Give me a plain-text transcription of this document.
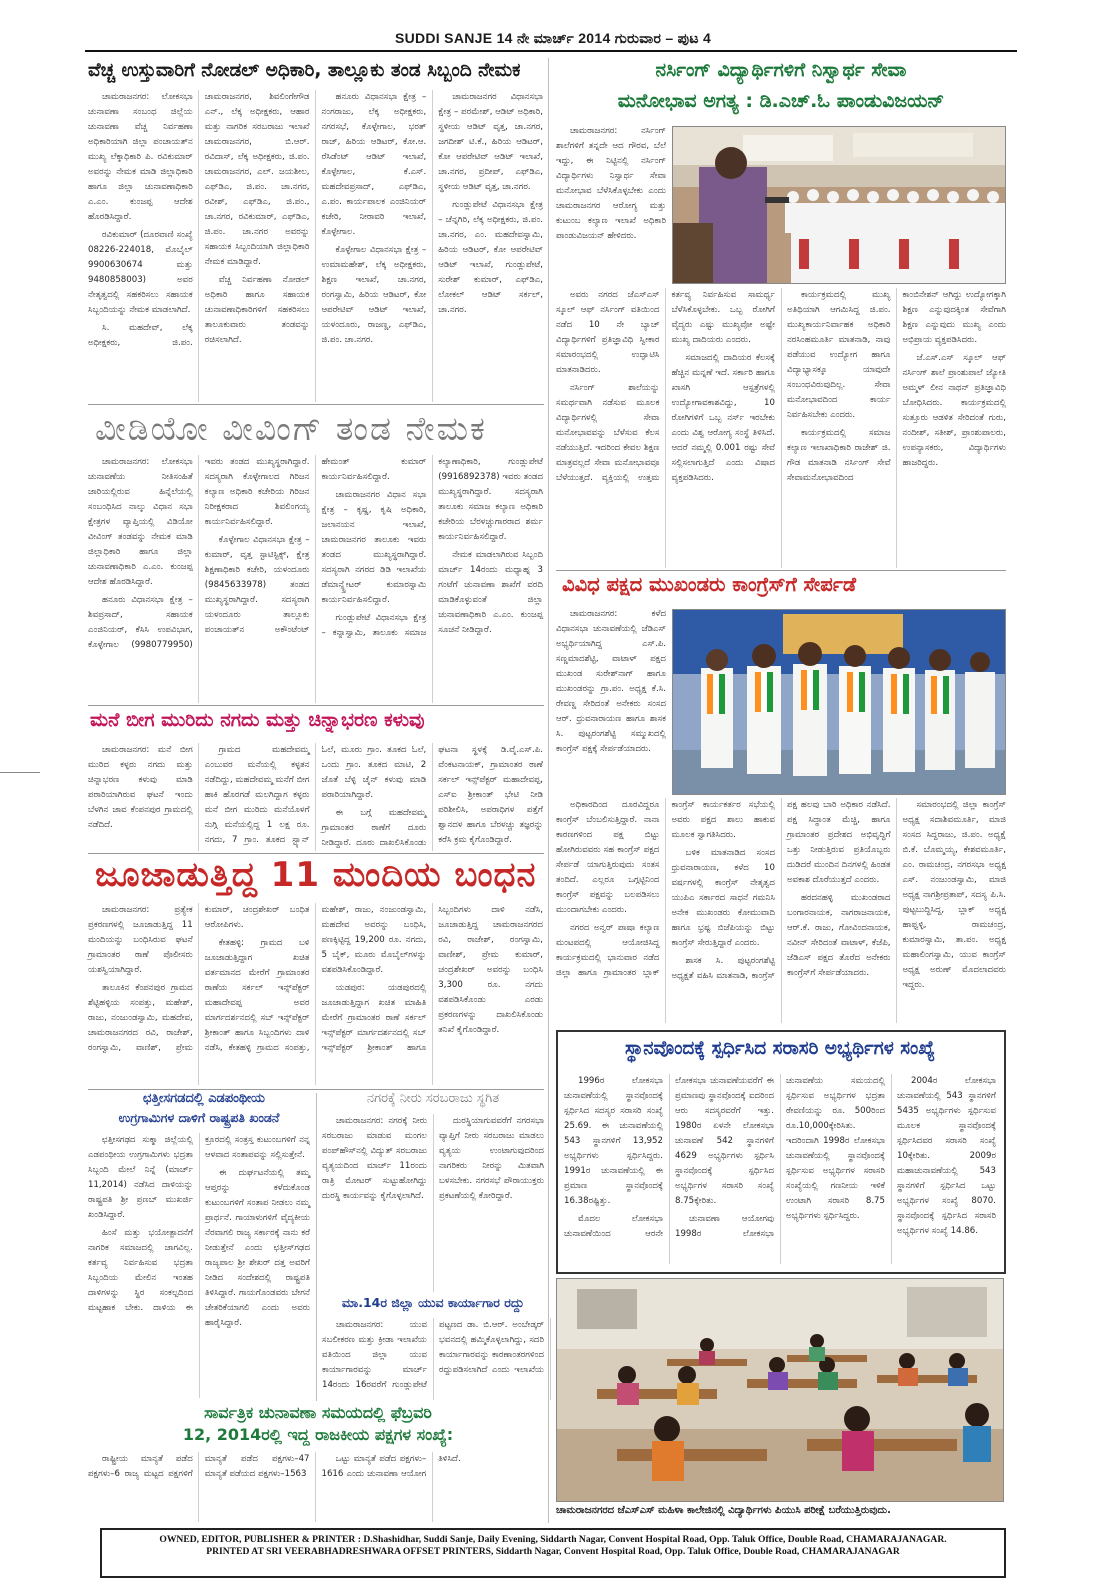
SUDDI SANJE 14 ನೇ ಮಾರ್ಚ್ 2014 ಗುರುವಾರ – ಪುಟ 4
ವೆಚ್ಚ ಉಸ್ತುವಾರಿಗೆ ನೋಡಲ್ ಅಧಿಕಾರಿ, ತಾಲ್ಲೂಕು ತಂಡ ಸಿಬ್ಬಂದಿ ನೇಮಕ

ಚಾಮರಾಜನಗರ: ಲೋಕಸಭಾ ಚುನಾವಣಾ ಸಂಬಂಧ ಜಿಲ್ಲೆಯ ಚುನಾವಣಾ ವೆಚ್ಚ ನಿರ್ವಹಣಾ ಅಧಿಕಾರಿಯಾಗಿ ಜಿಲ್ಲಾ ಪಂಚಾಯತ್‌ನ ಮುಖ್ಯ ಲೆಕ್ಕಾಧಿಕಾರಿ ಪಿ. ರವಿಕುಮಾರ್ ಅವರನ್ನು ನೇಮಕ ಮಾಡಿ ಜಿಲ್ಲಾಧಿಕಾರಿ ಹಾಗೂ ಜಿಲ್ಲಾ ಚುನಾವಣಾಧಿಕಾರಿ ಎ.ಎಂ. ಕುಂಜಪ್ಪ ಆದೇಶ ಹೊರಡಿಸಿದ್ದಾರೆ.

ರವಿಕುಮಾರ್ (ದೂರವಾಣಿ ಸಂಖ್ಯೆ 08226-224018, ಮೊಬೈಲ್ 9900630674 ಮತ್ತು 9480858003) ಅವರ ನೇತೃತ್ವದಲ್ಲಿ ಸಹಕರಿಸಲು ಸಹಾಯಕ ಸಿಬ್ಬಂದಿಯನ್ನು ನೇಮಕ ಮಾಡಲಾಗಿದೆ.

ಸಿ. ಮಹದೇವ್, ಲೆಕ್ಕ ಅಧೀಕ್ಷಕರು, ಜಿ.ಪಂ. ಚಾಮರಾಜನಗರ, ಶಿವಲಿಂಗೇಗೌಡ ಎನ್., ಲೆಕ್ಕ ಅಧೀಕ್ಷಕರು, ಆಹಾರ ಮತ್ತು ನಾಗರಿಕ ಸರಬರಾಜು ಇಲಾಖೆ ಚಾಮರಾಜನಗರ, ಬಿ.ಆರ್. ರವಿದಾಸ್, ಲೆಕ್ಕ ಅಧೀಕ್ಷಕರು, ಜಿ.ಪಂ. ಚಾಮರಾಜನಗರ, ಎಲ್. ಜಯಶೀಲ, ಎಫ್‌ಡಿಎ, ಜಿ.ಪಂ. ಚಾ.ನಗರ, ರವೀಶ್, ಎಫ್‌ಡಿಎ, ಜಿ.ಪಂ., ಚಾ.ನಗರ, ರವಿಕುಮಾರ್, ಎಫ್‌ಡಿಎ, ಜಿ.ಪಂ. ಚಾ.ನಗರ ಅವರನ್ನು ಸಹಾಯಕ ಸಿಬ್ಬಂದಿಯಾಗಿ ಜಿಲ್ಲಾಧಿಕಾರಿ ನೇಮಕ ಮಾಡಿದ್ದಾರೆ.

ವೆಚ್ಚ ನಿರ್ವಹಣಾ ನೋಡಲ್ ಅಧಿಕಾರಿ ಹಾಗೂ ಸಹಾಯಕ ಚುನಾವಣಾಧಿಕಾರಿಗಳಿಗೆ ಸಹಕರಿಸಲು ತಾಲೂಕುವಾರು ತಂಡವನ್ನು ರಚಿಸಲಾಗಿದೆ.

ಹನೂರು ವಿಧಾನಸಭಾ ಕ್ಷೇತ್ರ – ನಂಗರಾಜು, ಲೆಕ್ಕ ಅಧೀಕ್ಷಕರು, ನಗರಸಭೆ, ಕೊಳ್ಳೇಗಾಲ, ಭರತ್ ರಾಜ್, ಹಿರಿಯ ಆಡಿಟರ್, ಕೋ.ಆ. ರೆಸಿಡೆಂಟ್ ಆಡಿಟ್ ಇಲಾಖೆ, ಕೊಳ್ಳೇಗಾಲ, ಕೆ.ಎಸ್. ಮಹದೇವಪ್ರಸಾದ್, ಎಫ್‌ಡಿಎ, ಎ.ಪಂ. ಕಾರ್ಯಪಾಲಕ ಎಂಜಿನಿಯರ್ ಕಚೇರಿ, ನೀರಾವರಿ ಇಲಾಖೆ, ಕೊಳ್ಳೇಗಾಲ.

ಕೊಳ್ಳೇಗಾಲ ವಿಧಾನಸಭಾ ಕ್ಷೇತ್ರ – ಉಮಾಮಹೇಶ್, ಲೆಕ್ಕ ಅಧೀಕ್ಷಕರು, ಶಿಕ್ಷಣ ಇಲಾಖೆ, ಚಾ.ನಗರ, ರಂಗಸ್ವಾಮಿ, ಹಿರಿಯ ಆಡಿಟರ್, ಕೋ ಆಪರೇಟಿವ್ ಆಡಿಟ್ ಇಲಾಖೆ, ಯಳಂದೂರು, ರಾಜಣ್ಣ, ಎಫ್‌ಡಿಎ, ಜಿ.ಪಂ. ಚಾ.ನಗರ.

ಚಾಮರಾಜನಗರ ವಿಧಾನಸಭಾ ಕ್ಷೇತ್ರ – ಪರಮೇಶ್, ಆಡಿಟ್ ಅಧಿಕಾರಿ, ಸ್ಥಳೀಯ ಆಡಿಟ್ ವೃತ್ತ, ಚಾ.ನಗರ, ಜಗದೀಶ್ ಟಿ.ಕೆ., ಹಿರಿಯ ಆಡಿಟರ್, ಕೋ ಆಪರೇಟಿವ್ ಆಡಿಟ್ ಇಲಾಖೆ, ಚಾ.ನಗರ, ಪ್ರದೀಪ್, ಎಫ್‌ಡಿಎ, ಸ್ಥಳೀಯ ಆಡಿಟ್ ವೃತ್ತ, ಚಾ.ನಗರ.

ಗುಂಡ್ಲುಪೇಟೆ ವಿಧಾನಸಭಾ ಕ್ಷೇತ್ರ – ಚೆನ್ನಗಿರಿ, ಲೆಕ್ಕ ಅಧೀಕ್ಷಕರು, ಜಿ.ಪಂ. ಚಾ.ನಗರ, ಎಂ. ಮಹದೇವಸ್ವಾಮಿ, ಹಿರಿಯ ಆಡಿಟರ್, ಕೋ ಆಪರೇಟಿವ್ ಆಡಿಟ್ ಇಲಾಖೆ, ಗುಂಡ್ಲುಪೇಟೆ, ಸುರೇಶ್ ಕುಮಾರ್, ಎಫ್‌ಡಿಎ, ಲೋಕಲ್ ಆಡಿಟ್ ಸರ್ಕಲ್, ಚಾ.ನಗರ.

ವೀಡಿಯೋ ವೀವಿಂಗ್ ತಂಡ ನೇಮಕ

ಚಾಮರಾಜನಗರ: ಲೋಕಸಭಾ ಚುನಾವಣೆಯ ನೀತಿಸಂಹಿತೆ ಜಾರಿಯಲ್ಲಿರುವ ಹಿನ್ನೆಲೆಯಲ್ಲಿ ಸಂಬಂಧಿಸಿದ ನಾಲ್ಕು ವಿಧಾನ ಸಭಾ ಕ್ಷೇತ್ರಗಳ ವ್ಯಾಪ್ತಿಯಲ್ಲಿ ವಿಡಿಯೋ ವೀವಿಂಗ್ ತಂಡವನ್ನು ನೇಮಕ ಮಾಡಿ ಜಿಲ್ಲಾಧಿಕಾರಿ ಹಾಗೂ ಜಿಲ್ಲಾ ಚುನಾವಣಾಧಿಕಾರಿ ಎ.ಎಂ. ಕುಂಜಪ್ಪ ಆದೇಶ ಹೊರಡಿಸಿದ್ದಾರೆ.

ಹನೂರು ವಿಧಾನಸಭಾ ಕ್ಷೇತ್ರ – ಶಿವಪ್ರಸಾದ್, ಸಹಾಯಕ ಎಂಜಿನಿಯರ್, ಕೆಸಿಸಿ ಉಪವಿಭಾಗ, ಕೊಳ್ಳೇಗಾಲ (9980779950) ಇವರು ತಂಡದ ಮುಖ್ಯಸ್ಥರಾಗಿದ್ದಾರೆ. ಸದಸ್ಯರಾಗಿ ಕೊಳ್ಳೇಗಾಲದ ಗಿರಿಜನ ಕಲ್ಯಾಣ ಅಧಿಕಾರಿ ಕಚೇರಿಯ ಗಿರಿಜನ ನಿರೀಕ್ಷಕರಾದ ಶಿವಲಿಂಗಯ್ಯ ಕಾರ್ಯನಿರ್ವಹಿಸಲಿದ್ದಾರೆ.

ಕೊಳ್ಳೇಗಾಲ ವಿಧಾನಸಭಾ ಕ್ಷೇತ್ರ – ಕುಮಾರ್, ವೃತ್ತ ಸ್ಟಾಟಿಸ್ಟಿಕ್ಸ್, ಕ್ಷೇತ್ರ ಶಿಕ್ಷಣಾಧಿಕಾರಿ ಕಚೇರಿ, ಯಳಂದೂರು (9845633978) ತಂಡದ ಮುಖ್ಯಸ್ಥರಾಗಿದ್ದಾರೆ. ಸದಸ್ಯರಾಗಿ ಯಳಂದೂರು ತಾಲ್ಲೂಕು ಪಂಚಾಯತ್‌ನ ಅಕೌಂಟೆಂಟ್ ಹೇಮಂತ್ ಕುಮಾರ್ ಕಾರ್ಯನಿರ್ವಹಿಸಲಿದ್ದಾರೆ.

ಚಾಮರಾಜನಗರ ವಿಧಾನ ಸಭಾ ಕ್ಷೇತ್ರ – ಕೃಷ್ಣ, ಕೃಷಿ ಅಧಿಕಾರಿ, ಜಲಾನಯನ ಇಲಾಖೆ, ಚಾಮರಾಜನಗರ ತಾಲೂಕು ಇವರು ತಂಡದ ಮುಖ್ಯಸ್ಥರಾಗಿದ್ದಾರೆ. ಸದಸ್ಯರಾಗಿ ನಗರದ ಡಿಡಿ ಇಲಾಖೆಯ ಡೆಮಾನ್ಸ್ಟ್ರೇಟರ್ ಕುಮಾರಸ್ವಾಮಿ ಕಾರ್ಯನಿರ್ವಹಿಸಲಿದ್ದಾರೆ.

ಗುಂಡ್ಲುಪೇಟೆ ವಿಧಾನಸಭಾ ಕ್ಷೇತ್ರ – ಕನ್ನಾಸ್ವಾಮಿ, ತಾಲೂಕು ಸಮಾಜ ಕಲ್ಯಾಣಾಧಿಕಾರಿ, ಗುಂಡ್ಲುಪೇಟೆ (9916892378) ಇವರು ತಂಡದ ಮುಖ್ಯಸ್ಥರಾಗಿದ್ದಾರೆ. ಸದಸ್ಯರಾಗಿ ತಾಲೂಕು ಸಮಾಜ ಕಲ್ಯಾಣ ಅಧಿಕಾರಿ ಕಚೇರಿಯ ಬೆರಳಚ್ಚುಗಾರರಾದ ಶರ್ಮ ಕಾರ್ಯನಿರ್ವಹಿಸಲಿದ್ದಾರೆ.

ನೇಮಕ ಮಾಡಲಾಗಿರುವ ಸಿಬ್ಬಂದಿ ಮಾರ್ಚ್ 14ರಂದು ಮಧ್ಯಾಹ್ನ 3 ಗಂಟೆಗೆ ಚುನಾವಣಾ ಶಾಖೆಗೆ ವರದಿ ಮಾಡಿಕೊಳ್ಳುವಂತೆ ಜಿಲ್ಲಾ ಚುನಾವಣಾಧಿಕಾರಿ ಎ.ಎಂ. ಕುಂಜಪ್ಪ ಸೂಚನೆ ನೀಡಿದ್ದಾರೆ.

ಮನೆ ಬೀಗ ಮುರಿದು ನಗದು ಮತ್ತು ಚಿನ್ನಾಭರಣ ಕಳುವು

ಚಾಮರಾಜನಗರ: ಮನೆ ಬೀಗ ಮುರಿದ ಕಳ್ಳರು ನಗದು ಮತ್ತು ಚಿನ್ನಾಭರಣ ಕಳುವು ಮಾಡಿ ಪರಾರಿಯಾಗಿರುವ ಘಟನೆ ಇಂದು ಬೆಳಗಿನ ಜಾವ ಕೆಂಪನಪುರ ಗ್ರಾಮದಲ್ಲಿ ನಡೆದಿದೆ.

ಗ್ರಾಮದ ಮಹದೇವಮ್ಮ ಎಂಬುವರ ಮನೆಯಲ್ಲಿ ಕಳ್ಳತನ ನಡೆದಿದ್ದು, ಮಹದೇವಮ್ಮ ಮನೆಗೆ ಬೀಗ ಹಾಕಿ ಹೊರಗಡೆ ಮಲಗಿದ್ದಾಗ ಕಳ್ಳರು ಮನೆ ಬೀಗ ಮುರಿದು ಮನೆಯೊಳಗೆ ನುಗ್ಗಿ ಮನೆಯಲ್ಲಿದ್ದ 1 ಲಕ್ಷ ರೂ. ನಗದು, 7 ಗ್ರಾಂ. ತೂಕದ ಸ್ಟ್ಯಾನ್ ಓಲೆ, ಮೂರು ಗ್ರಾಂ. ತೂಕದ ಓಲೆ, ಒಂದು ಗ್ರಾಂ. ತೂಕದ ಮಾಟಿ, 2 ಜೊತೆ ಬೆಳ್ಳಿ ಚೈನ್ ಕಳುವು ಮಾಡಿ ಪರಾರಿಯಾಗಿದ್ದಾರೆ.

ಈ ಬಗ್ಗೆ ಮಹದೇವಮ್ಮ ಗ್ರಾಮಾಂತರ ಠಾಣೆಗೆ ದೂರು ನೀಡಿದ್ದಾರೆ. ದೂರು ದಾಖಲಿಸಿಕೊಂಡು ಘಟನಾ ಸ್ಥಳಕ್ಕೆ ಡಿ.ವೈ.ಎಸ್.ಪಿ. ವೆಂಕಟನಾಯಕ್, ಗ್ರಾಮಾಂತರ ಠಾಣೆ ಸರ್ಕಲ್ ಇನ್ಸ್‌ಪೆಕ್ಟರ್ ಮಹಾದೇವಪ್ಪ, ಎಸ್‌ಐ ಶ್ರೀಕಾಂತ್ ಭೇಟಿ ನೀಡಿ ಪರಿಶೀಲಿಸಿ, ಅಪರಾಧಿಗಳ ಪತ್ತೆಗೆ ಶ್ವಾನದಳ ಹಾಗೂ ಬೆರಳಚ್ಚು ತಜ್ಞರನ್ನು ಕರೆಸಿ ಕ್ರಮ ಕೈಗೊಂಡಿದ್ದಾರೆ.

ಜೂಜಾಡುತ್ತಿದ್ದ 11 ಮಂದಿಯ ಬಂಧನ

ಚಾಮರಾಜನಗರ: ಪ್ರತ್ಯೇಕ ಪ್ರಕರಣಗಳಲ್ಲಿ ಜೂಜಾಡುತ್ತಿದ್ದ 11 ಮಂದಿಯನ್ನು ಬಂಧಿಸಿರುವ ಘಟನೆ ಗ್ರಾಮಾಂತರ ಠಾಣೆ ಪೊಲೀಸರು ಯಶಸ್ವಿಯಾಗಿದ್ದಾರೆ.

ತಾಲೂಕಿನ ಕೆಂಪನಪುರ ಗ್ರಾಮದ ಶೆಟ್ಟಿಹಳ್ಳಿಯ ಸಂಪತ್ತು, ಮಹೇಶ್, ರಾಜು, ನಂಜುಂಡಸ್ವಾಮಿ, ಮಹದೇವ, ಚಾಮರಾಜನಗರದ ರವಿ, ರಾಜೇಶ್, ರಂಗಸ್ವಾಮಿ, ವಾಣಿಶ್, ಪ್ರೇಮ ಕುಮಾರ್, ಚಂದ್ರಶೇಖರ್ ಬಂಧಿತ ಆರೋಪಿಗಳು.

ಕೇತಹಳ್ಳಿ: ಗ್ರಾಮದ ಬಳಿ ಜೂಜಾಡುತ್ತಿದ್ದಾಗ ಖಚಿತ ವರ್ತಮಾನದ ಮೇರೆಗೆ ಗ್ರಾಮಾಂತರ ಠಾಣೆಯ ಸರ್ಕಲ್ ಇನ್ಸ್‌ಪೆಕ್ಟರ್ ಮಹಾದೇವಪ್ಪ ಅವರ ಮಾರ್ಗದರ್ಶನದಲ್ಲಿ ಸಬ್ ಇನ್ಸ್‌ಪೆಕ್ಟರ್ ಶ್ರೀಕಾಂತ್ ಹಾಗೂ ಸಿಬ್ಬಂದಿಗಳು ದಾಳಿ ನಡೆಸಿ, ಕೇತಹಳ್ಳಿ ಗ್ರಾಮದ ಸಂಪತ್ತು, ಮಹೇಶ್, ರಾಜು, ನಂಜುಂಡಸ್ವಾಮಿ, ಮಹದೇವ ಅವರನ್ನು ಬಂಧಿಸಿ, ಪಣಕ್ಕಿಟ್ಟಿದ್ದ 19,200 ರೂ. ನಗದು, 5 ಬೈಕ್, ಮೂರು ಮೊಬೈಲ್‌ಗಳನ್ನು ವಶಪಡಿಸಿಕೊಂಡಿದ್ದಾರೆ.

ಯಡಪುರ: ಯಡಪುರದಲ್ಲಿ ಜೂಜಾಡುತ್ತಿದ್ದಾಗ ಖಚಿತ ಮಾಹಿತಿ ಮೇರೆಗೆ ಗ್ರಾಮಾಂತರ ಠಾಣೆ ಸರ್ಕಲ್ ಇನ್ಸ್‌ಪೆಕ್ಟರ್ ಮಾರ್ಗದರ್ಶನದಲ್ಲಿ ಸಬ್ ಇನ್ಸ್‌ಪೆಕ್ಟರ್ ಶ್ರೀಕಾಂತ್ ಹಾಗೂ ಸಿಬ್ಬಂದಿಗಳು ದಾಳಿ ನಡೆಸಿ, ಜೂಜಾಡುತ್ತಿದ್ದ ಚಾಮರಾಜನಗರದ ರವಿ, ರಾಜೇಶ್, ರಂಗಸ್ವಾಮಿ, ವಾಣೀಶ್, ಪ್ರೇಮ ಕುಮಾರ್, ಚಂದ್ರಶೇಖರ್ ಅವರನ್ನು ಬಂಧಿಸಿ 3,300 ರೂ. ನಗದು ವಶಪಡಿಸಿಕೊಂಡು ಎರಡು ಪ್ರಕರಣಗಳನ್ನು ದಾಖಲಿಸಿಕೊಂಡು ತನಿಖೆ ಕೈಗೊಂಡಿದ್ದಾರೆ.

ಛತ್ತೀಸಗಡದಲ್ಲಿ ಎಡಪಂಥೀಯ
ಉಗ್ರಗಾಮಿಗಳ ದಾಳಿಗೆ ರಾಷ್ಟ್ರಪತಿ ಖಂಡನೆ

ಛತ್ತೀಸಗಢದ ಸುಕ್ಮಾ ಜಿಲ್ಲೆಯಲ್ಲಿ ಎಡಪಂಥೀಯ ಉಗ್ರಗಾಮಿಗಳು ಭದ್ರತಾ ಸಿಬ್ಬಂದಿ ಮೇಲೆ ನಿನ್ನೆ (ಮಾರ್ಚ್ 11,2014) ನಡೆಸಿದ ದಾಳಿಯನ್ನು ರಾಷ್ಟ್ರಪತಿ ಶ್ರೀ ಪ್ರಣಬ್ ಮುಖರ್ಜಿ ಖಂಡಿಸಿದ್ದಾರೆ.

ಹಿಂಸೆ ಮತ್ತು ಭಯೋತ್ಪಾದನೆಗೆ ನಾಗರಿಕ ಸಮಾಜದಲ್ಲಿ ಜಾಗವಿಲ್ಲ. ಕರ್ತವ್ಯ ನಿರ್ವಹಿಸುವ ಭದ್ರತಾ ಸಿಬ್ಬಂದಿಯ ಮೇಲಿನ ಇಂತಹ ದಾಳಿಗಳನ್ನು ಸ್ಥಿರ ಸಂಕಲ್ಪದಿಂದ ಮಟ್ಟಹಾಕ ಬೇಕು. ದಾಳಿಯ ಈ ಕ್ರೂರದಲ್ಲಿ ಸಂತ್ರಸ್ತ ಕುಟುಂಬಗಳಿಗೆ ನನ್ನ ಆಳವಾದ ಸಂತಾಪವನ್ನು ಸಲ್ಲಿಸುತ್ತೇನೆ.

ಈ ದುರ್ಘಟನೆಯಲ್ಲಿ ತಮ್ಮ ಆಪ್ತರನ್ನು ಕಳೆದುಕೊಂಡ ಕುಟುಂಬಗಳಿಗೆ ಸಂತಾಪ ನೀಡಲು ನಮ್ಮ ಪ್ರಾರ್ಥನೆ. ಗಾಯಾಳುಗಳಿಗೆ ವೈದ್ಯಕೀಯ ನೆರವಾಗಲಿ ರಾಜ್ಯ ಸರ್ಕಾರಕ್ಕೆ ನಾನು ಕರೆ ನೀಡುತ್ತೇನೆ ಎಂದು ಛತ್ತೀಸ್‌ಗಢದ ರಾಜ್ಯಪಾಲ ಶ್ರೀ ಶೇಖರ್ ದತ್ತ ಅವರಿಗೆ ನೀಡಿದ ಸಂದೇಶದಲ್ಲಿ ರಾಷ್ಟ್ರಪತಿ ತಿಳಿಸಿದ್ದಾರೆ. ಗಾಯಗೊಂಡವರು ಬೇಗನೆ ಚೇತರಿಕೆಯಾಗಲಿ ಎಂದು ಅವರು ಹಾರೈಸಿದ್ದಾರೆ.

ನಗರಕ್ಕೆ ನೀರು ಸರಬರಾಜು ಸ್ಥಗಿತ

ಚಾಮರಾಜನಗರ: ನಗರಕ್ಕೆ ನೀರು ಸರಬರಾಜು ಮಾಡುವ ಮಂಗಲ ಪಂಪ್‌ಹೌಸ್‌ನಲ್ಲಿ ವಿದ್ಯುತ್ ಸರಬರಾಜು ವ್ಯತ್ಯಯದಿಂದ ಮಾರ್ಚ್ 11ರಂದು ರಾತ್ರಿ ಮೋಟರ್ ಸುಟ್ಟುಹೋಗಿದ್ದು ದುರಸ್ಥಿ ಕಾರ್ಯವನ್ನು ಕೈಗೊಳ್ಳಲಾಗಿದೆ.

ದುರಸ್ಥಿಯಾಗುವವರೆಗೆ ನಗರಸಭಾ ವ್ಯಾಪ್ತಿಗೆ ನೀರು ಸರಬರಾಜು ಮಾಡಲು ವ್ಯತ್ಯಯ ಉಂಟಾಗುವುದರಿಂದ ನಾಗರಿಕರು ನೀರನ್ನು ಮಿತವಾಗಿ ಬಳಸಬೇಕು. ನಗರಸಭೆ ಪೌರಾಯುಕ್ತರು ಪ್ರಕಟಣೆಯಲ್ಲಿ ಕೋರಿದ್ದಾರೆ.

ಮಾ.14ರ ಜಿಲ್ಲಾ ಯುವ ಕಾರ್ಯಾಗಾರ ರದ್ದು

ಚಾಮರಾಜನಗರ: ಯುವ ಸಬಲೀಕರಣ ಮತ್ತು ಕ್ರೀಡಾ ಇಲಾಖೆಯ ವತಿಯಿಂದ ಜಿಲ್ಲಾ ಯುವ ಕಾರ್ಯಾಗಾರವನ್ನು ಮಾರ್ಚ್ 14ರಂದು 16ರವರೆಗೆ ಗುಂಡ್ಲುಪೇಟೆ ಪಟ್ಟಣದ ಡಾ. ಬಿ.ಆರ್. ಅಂಬೇಡ್ಕರ್ ಭವನದಲ್ಲಿ ಹಮ್ಮಿಕೊಳ್ಳಲಾಗಿದ್ದು, ಸದರಿ ಕಾರ್ಯಾಗಾರವನ್ನು ಕಾರಣಾಂತರಗಳಿಂದ ರದ್ದುಪಡಿಸಲಾಗಿದೆ ಎಂದು ಇಲಾಖೆಯ

ಸಾರ್ವತ್ರಿಕ ಚುನಾವಣಾ ಸಮಯದಲ್ಲಿ ಫೆಬ್ರವರಿ
12, 2014ರಲ್ಲಿ ಇದ್ದ ರಾಜಕೀಯ ಪಕ್ಷಗಳ ಸಂಖ್ಯೆ:

ರಾಷ್ಟ್ರೀಯ ಮಾನ್ಯತೆ ಪಡೆದ ಪಕ್ಷಗಳು–6 ರಾಜ್ಯ ಮಟ್ಟದ ಪಕ್ಷಗಳಿಗೆ ಮಾನ್ಯತೆ ಪಡೆದ ಪಕ್ಷಗಳು–47 ಮಾನ್ಯತೆ ಪಡೆಯದ ಪಕ್ಷಗಳು–1563

ಒಟ್ಟು ಮಾನ್ಯತೆ ಪಡೆದ ಪಕ್ಷಗಳು–1616 ಎಂದು ಚುನಾವಣಾ ಆಯೋಗ ತಿಳಿಸಿದೆ.

ನರ್ಸಿಂಗ್ ವಿದ್ಯಾರ್ಥಿಗಳಿಗೆ ನಿಸ್ವಾರ್ಥ ಸೇವಾ
ಮನೋಭಾವ ಅಗತ್ಯ : ಡಿ.ಎಚ್.ಓ ಪಾಂಡುವಿಜಯನ್

ಚಾಮರಾಜನಗರ: ನರ್ಸಿಂಗ್ ಶಾಲೆಗಳಿಗೆ ತನ್ನದೇ ಆದ ಗೌರವ, ಬೆಲೆ ಇದ್ದು, ಈ ನಿಟ್ಟಿನಲ್ಲಿ ನರ್ಸಿಂಗ್ ವಿದ್ಯಾರ್ಥಿಗಳು ನಿಸ್ವಾರ್ಥ ಸೇವಾ ಮನೋಭಾವ ಬೆಳೆಸಿಕೊಳ್ಳಬೇಕು ಎಂದು ಚಾಮರಾಜನಗರ ಆರೋಗ್ಯ ಮತ್ತು ಕುಟುಂಬ ಕಲ್ಯಾಣ ಇಲಾಖೆ ಅಧಿಕಾರಿ ಪಾಂಡುವಿಜಯನ್ ಹೇಳಿದರು.

ಅವರು ನಗರದ ಜೆಎಸ್‌ಎಸ್ ಸ್ಕೂಲ್ ಆಫ್ ನರ್ಸಿಂಗ್ ವತಿಯಿಂದ ನಡೆದ 10 ನೇ ಬ್ಯಾಚ್ ವಿದ್ಯಾರ್ಥಿಗಳಿಗೆ ಪ್ರತಿಜ್ಞಾವಿಧಿ ಸ್ವೀಕಾರ ಸಮಾರಂಭದಲ್ಲಿ ಉದ್ಘಾಟಿಸಿ ಮಾತನಾಡಿದರು.

ನರ್ಸಿಂಗ್ ಶಾಲೆಯನ್ನು ಸಮರ್ಥವಾಗಿ ನಡೆಸುವ ಮೂಲಕ ವಿದ್ಯಾರ್ಥಿಗಳಲ್ಲಿ ಸೇವಾ ಮನೋಭಾವವನ್ನು ಬೆಳೆಸುವ ಕೆಲಸ ನಡೆಯುತ್ತಿದೆ. ಇದರಿಂದ ಕೇವಲ ಶಿಕ್ಷಣ ಮಾತ್ರವಲ್ಲದೆ ಸೇವಾ ಮನೋಭಾವವೂ ಬೆಳೆಯುತ್ತದೆ. ವ್ಯಕ್ತಿಯಲ್ಲಿ ಉತ್ತಮ ಕರ್ತವ್ಯ ನಿರ್ವಹಿಸುವ ಸಾಮರ್ಥ್ಯ ಬೆಳೆಸಿಕೊಳ್ಳಬೇಕು. ಒಬ್ಬ ರೋಗಿಗೆ ವೈದ್ಯರು ಎಷ್ಟು ಮುಖ್ಯವೋ ಅಷ್ಟೇ ಮುಖ್ಯ ದಾದಿಯರು ಎಂದರು.

ಸಮಾಜದಲ್ಲಿ ದಾದಿಯರ ಕೆಲಸಕ್ಕೆ ಹೆಚ್ಚಿನ ಮನ್ನಣೆ ಇದೆ. ಸರ್ಕಾರಿ ಹಾಗೂ ಖಾಸಗಿ ಆಸ್ಪತ್ರೆಗಳಲ್ಲಿ ಉದ್ಯೋಗಾವಕಾಶವಿದ್ದು, 10 ರೋಗಿಗಳಿಗೆ ಒಬ್ಬ ನರ್ಸ್ ಇರಬೇಕು ಎಂದು ವಿಶ್ವ ಆರೋಗ್ಯ ಸಂಸ್ಥೆ ತಿಳಿಸಿದೆ. ಆದರೆ ನಮ್ಮಲ್ಲಿ 0.001 ರಷ್ಟು ಸೇವೆ ಸಲ್ಲಿಸಲಾಗುತ್ತಿದೆ ಎಂದು ವಿಷಾದ ವ್ಯಕ್ತಪಡಿಸಿದರು.

ಕಾರ್ಯಕ್ರಮದಲ್ಲಿ ಮುಖ್ಯ ಅತಿಥಿಯಾಗಿ ಆಗಮಿಸಿದ್ದ ಜಿ.ಪಂ. ಮುಖ್ಯಕಾರ್ಯನಿರ್ವಾಹಕ ಅಧಿಕಾರಿ ನರಸಿಂಹಮೂರ್ತಿ ಮಾತನಾಡಿ, ನಾವು ಪಡೆಯುವ ಉದ್ಯೋಗ ಹಾಗೂ ವಿದ್ಯಾಭ್ಯಾಸಕ್ಕೂ ಯಾವುದೇ ಸಂಬಂಧವಿರುವುದಿಲ್ಲ. ಸೇವಾ ಮನೋಭಾವದಿಂದ ಕಾರ್ಯ ನಿರ್ವಹಿಸಬೇಕು ಎಂದರು.

ಕಾರ್ಯಕ್ರಮದಲ್ಲಿ ಸಮಾಜ ಕಲ್ಯಾಣ ಇಲಾಖಾಧಿಕಾರಿ ರಾಜೇಶ್ ಜಿ. ಗೌಡ ಮಾತನಾಡಿ ನರ್ಸಿಂಗ್ ಸೇವೆ ಸೇವಾಮನೋಭಾವದಿಂದ ಕಾಂಬಿನೇಶನ್ ಆಗಿದ್ದು ಉದ್ಯೋಗಕ್ಕಾಗಿ ಶಿಕ್ಷಣ ಎನ್ನುವುದಕ್ಕಿಂತ ಸೇವೆಗಾಗಿ ಶಿಕ್ಷಣ ಎನ್ನುವುದು ಮುಖ್ಯ ಎಂದು ಅಭಿಪ್ರಾಯ ವ್ಯಕ್ತಪಡಿಸಿದರು.

ಜೆ.ಎಸ್.ಎಸ್ ಸ್ಕೂಲ್ ಆಫ್ ನರ್ಸಿಂಗ್ ಶಾಲೆ ಪ್ರಾಂಶುಪಾಲೆ ಜ್ಯೋತಿ ಅಮ್ಮಳ್ ಲೀನ ನಾಥನ್ ಪ್ರತಿಜ್ಞಾವಿಧಿ ಬೋಧಿಸಿದರು. ಕಾರ್ಯಕ್ರಮದಲ್ಲಿ ಸುತ್ತೂರು ಆಡಳಿತ ಸೇರಿದಂತೆ ಗುರು, ನಂದೀಶ್, ಸತೀಶ್, ಪ್ರಾಂಶುಪಾಲರು, ಉಪನ್ಯಾಸಕರು, ವಿದ್ಯಾರ್ಥಿಗಳು ಹಾಜರಿದ್ದರು.

ವಿವಿಧ ಪಕ್ಷದ ಮುಖಂಡರು ಕಾಂಗ್ರೆಸ್‌ಗೆ ಸೇರ್ಪಡೆ

ಚಾಮರಾಜನಗರ: ಕಳೆದ ವಿಧಾನಸಭಾ ಚುನಾವಣೆಯಲ್ಲಿ ಜೆಡಿಎಸ್ ಅಭ್ಯರ್ಥಿಯಾಗಿದ್ದ ಎಸ್.ಪಿ. ಸಣ್ಣಮಾದಶೆಟ್ಟಿ, ವಾಟಾಳ್ ಪಕ್ಷದ ಮುಖಂಡ ಸುರೇಶ್‌ನಾಗ್ ಹಾಗೂ ಮುಖಂಡರನ್ನು ಗ್ರಾ.ಪಂ. ಅಧ್ಯಕ್ಷ ಕೆ.ಸಿ. ರೇವಣ್ಣ ಸೇರಿದಂತೆ ಅನೇಕರು ಸಂಸದ ಆರ್. ಧ್ರುವನಾರಾಯಣ ಹಾಗೂ ಶಾಸಕ ಸಿ. ಪುಟ್ಟರಂಗಶೆಟ್ಟಿ ಸಮ್ಮುಖದಲ್ಲಿ ಕಾಂಗ್ರೆಸ್ ಪಕ್ಷಕ್ಕೆ ಸೇರ್ಪಡೆಯಾದರು.

ಅಧಿಕಾರದಿಂದ ದೂರವಿದ್ದರೂ ಕಾಂಗ್ರೆಸ್ ಬೆಂಬಲಿಸುತ್ತಿದ್ದಾರೆ. ನಾನಾ ಕಾರಣಗಳಿಂದ ಪಕ್ಷ ಬಿಟ್ಟು ಹೋಗಿರುವವರು ಸಹ ಕಾಂಗ್ರೆಸ್ ಪಕ್ಷದ ಸೇರ್ಪಡೆ ಯಾಗುತ್ತಿರುವುದು ಸಂತಸ ತಂದಿದೆ. ಎಲ್ಲರೂ ಒಗ್ಗಟ್ಟಿನಿಂದ ಕಾಂಗ್ರೆಸ್ ಪಕ್ಷವನ್ನು ಬಲಪಡಿಸಲು ಮುಂದಾಗಬೇಕು ಎಂದರು.

ನಗರದ ಅನ್ವರ್ ಪಾಷಾ ಕಲ್ಯಾಣ ಮಂಟಪದಲ್ಲಿ ಆಯೋಜಿಸಿದ್ದ ಕಾರ್ಯಕ್ರಮದಲ್ಲಿ ಭಾನುವಾರ ನಡೆದ ಜಿಲ್ಲಾ ಹಾಗೂ ಗ್ರಾಮಾಂತರ ಬ್ಲಾಕ್ ಕಾಂಗ್ರೆಸ್ ಕಾರ್ಯಕರ್ತರ ಸಭೆಯಲ್ಲಿ ಅವರು ಪಕ್ಷದ ಶಾಲು ಹಾಕುವ ಮೂಲಕ ಸ್ವಾಗತಿಸಿದರು.

ಬಳಿಕ ಮಾತನಾಡಿದ ಸಂಸದ ಧ್ರುವನಾರಾಯಣ, ಕಳೆದ 10 ವರ್ಷಗಳಲ್ಲಿ ಕಾಂಗ್ರೆಸ್ ನೇತೃತ್ವದ ಯುಪಿಎ ಸರ್ಕಾರದ ಸಾಧನೆ ಗಮನಿಸಿ ಅನೇಕ ಮುಖಂಡರು ಕೋಮುವಾದಿ ಹಾಗೂ ಭ್ರಷ್ಟ ಬಿಜೆಪಿಯನ್ನು ಬಿಟ್ಟು ಕಾಂಗ್ರೆಸ್ ಸೇರುತ್ತಿದ್ದಾರೆ ಎಂದರು.

ಶಾಸಕ ಸಿ. ಪುಟ್ಟರಂಗಶೆಟ್ಟಿ ಅಧ್ಯಕ್ಷತೆ ವಹಿಸಿ ಮಾತನಾಡಿ, ಕಾಂಗ್ರೆಸ್ ಪಕ್ಷ ಹಲವು ಬಾರಿ ಅಧಿಕಾರ ನಡೆಸಿದೆ. ಪಕ್ಷ ಸಿದ್ಧಾಂತ ಮೆಚ್ಚಿ, ಹಾಗೂ ಗ್ರಾಮಾಂತರ ಪ್ರದೇಶದ ಅಭಿವೃದ್ಧಿಗೆ ಒತ್ತು ನೀಡುತ್ತಿರುವ ಪ್ರತಿಯೊಬ್ಬರು ದುಡಿದರೆ ಮುಂದಿನ ದಿನಗಳಲ್ಲಿ ಹಿಂಡತ ಅವಕಾಶ ದೊರೆಯುತ್ತದೆ ಎಂದರು.

ಹರದನಹಳ್ಳಿ ಮುಖಂಡರಾದ ಬಂಗಾರನಾಯಕ, ನಾಗರಾಜನಾಯಕ, ಆರ್.ಕೆ. ರಾಜು, ಗೋವಿಂದನಾಯಕ, ನವೀನ್ ಸೇರಿದಂತೆ ವಾಟಾಳ್, ಕೆಜೆಪಿ, ಜೆಡಿಎಸ್ ಪಕ್ಷದ ತೊರೆದ ಅನೇಕರು ಕಾಂಗ್ರೆಸ್‌ಗೆ ಸೇರ್ಪಡೆಯಾದರು.

ಸಮಾರಂಭದಲ್ಲಿ ಜಿಲ್ಲಾ ಕಾಂಗ್ರೆಸ್ ಅಧ್ಯಕ್ಷ ಸದಾಶಿವಮೂರ್ತಿ, ಮಾಜಿ ಸಂಸದ ಸಿದ್ದರಾಜು, ಜಿ.ಪಂ. ಅಧ್ಯಕ್ಷೆ ಬಿ.ಕೆ. ಬೊಮ್ಮಯ್ಯ, ಕೇಶವಮೂರ್ತಿ, ಎಂ. ರಾಮಚಂದ್ರ, ನಗರಸಭಾ ಅಧ್ಯಕ್ಷ ಎಸ್. ನಂಜುಂಡಸ್ವಾಮಿ, ಮಾಜಿ ಅಧ್ಯಕ್ಷ ನಾಗಶ್ರೀಪ್ರತಾಪ್, ಸದಸ್ಯ ಪಿ.ಸಿ. ಪುಟ್ಟಬುದ್ಧಿಸಿದ್ದ, ಬ್ಲಾಕ್ ಅಧ್ಯಕ್ಷ ಹಾಫ್ವಳ್ಳಿ, ರಾಮಚಂದ್ರ, ಕುಮಾರಸ್ವಾಮಿ, ತಾ.ಪಂ. ಅಧ್ಯಕ್ಷ ಮಹಾಲಿಂಗಸ್ವಾಮಿ, ಯುವ ಕಾಂಗ್ರೆಸ್ ಅಧ್ಯಕ್ಷ ಅರುಣ್ ಮೊದಲಾದವರು ಇದ್ದರು.

ಸ್ಥಾನವೊಂದಕ್ಕೆ ಸ್ಪರ್ಧಿಸಿದ ಸರಾಸರಿ ಅಭ್ಯರ್ಥಿಗಳ ಸಂಖ್ಯೆ

1996ರ ಲೋಕಸಭಾ ಚುನಾವಣೆಯಲ್ಲಿ ಸ್ಥಾನವೊಂದಕ್ಕೆ ಸ್ಪರ್ಧಿಸಿದ ಸದಸ್ಯರ ಸರಾಸರಿ ಸಂಖ್ಯೆ 25.69. ಈ ಚುನಾವಣೆಯಲ್ಲಿ 543 ಸ್ಥಾನಗಳಿಗೆ 13,952 ಅಭ್ಯರ್ಥಿಗಳು ಸ್ಪರ್ಧಿಸಿದ್ದರು. 1991ರ ಚುನಾವಣೆಯಲ್ಲಿ ಈ ಪ್ರಮಾಣ ಸ್ಥಾನವೊಂದಕ್ಕೆ 16.38ರಷ್ಟಿತ್ತು.

ಮೊದಲ ಲೋಕಸಭಾ ಚುನಾವಣೆಯಿಂದ ಆರನೇ ಲೋಕಸಭಾ ಚುನಾವಣೆಯವರೆಗೆ ಈ ಪ್ರಮಾಣವು ಸ್ಥಾನವೊಂದಕ್ಕೆ ಐದರಿಂದ ಆರು ಸದಸ್ಯರವರೆಗೆ ಇತ್ತು. 1980ರ ಏಳನೇ ಲೋಕಸಭಾ ಚುನಾವಣೆ 542 ಸ್ಥಾನಗಳಿಗೆ 4629 ಅಭ್ಯರ್ಥಿಗಳು ಸ್ಪರ್ಧಿಸಿ ಸ್ಥಾನವೊಂದಕ್ಕೆ ಸ್ಪರ್ಧಿಸಿದ ಅಭ್ಯರ್ಥಿಗಳ ಸರಾಸರಿ ಸಂಖ್ಯೆ 8.75ಕ್ಕೇರಿತು.

ಚುನಾವಣಾ ಆಯೋಗವು 1998ರ ಲೋಕಸಭಾ ಚುನಾವಣೆಯ ಸಮಯದಲ್ಲಿ ಸ್ಪರ್ಧಿಸುವ ಅಭ್ಯರ್ಥಿಗಳ ಭದ್ರತಾ ಠೇವಣಿಯನ್ನು ರೂ. 500ರಿಂದ ರೂ.10,000ಕ್ಕೇರಿಸಿತು. ಇದರಿಂದಾಗಿ 1998ರ ಲೋಕಸಭಾ ಚುನಾವಣೆಯಲ್ಲಿ ಸ್ಥಾನವೊಂದಕ್ಕೆ ಸ್ಪರ್ಧಿಸುವ ಅಭ್ಯರ್ಥಿಗಳ ಸರಾಸರಿ ಸಂಖ್ಯೆಯಲ್ಲಿ ಗಣನೀಯ ಇಳಿಕೆ ಉಂಟಾಗಿ ಸರಾಸರಿ 8.75 ಅಭ್ಯರ್ಥಿಗಳು ಸ್ಪರ್ಧಿಸಿದ್ದರು.

2004ರ ಲೋಕಸಭಾ ಚುನಾವಣೆಯಲ್ಲಿ 543 ಸ್ಥಾನಗಳಿಗೆ 5435 ಅಭ್ಯರ್ಥಿಗಳು ಸ್ಪರ್ಧಿಸುವ ಮೂಲಕ ಸ್ಥಾನವೊಂದಕ್ಕೆ ಸ್ಪರ್ಧಿಸಿದವರ ಸರಾಸರಿ ಸಂಖ್ಯೆ 10ಕ್ಕೇರಿತು. 2009ರ ಮಹಾಚುನಾವಣೆಯಲ್ಲಿ 543 ಸ್ಥಾನಗಳಿಗೆ ಸ್ಪರ್ಧಿಸಿದ ಒಟ್ಟು ಅಭ್ಯರ್ಥಿಗಳ ಸಂಖ್ಯೆ 8070. ಸ್ಥಾನವೊಂದಕ್ಕೆ ಸ್ಪರ್ಧಿಸಿದ ಸರಾಸರಿ ಅಭ್ಯರ್ಥಿಗಳ ಸಂಖ್ಯೆ 14.86.

ಚಾಮರಾಜನಗರದ ಜೆಎಸ್‌ಎಸ್ ಮಹಿಳಾ ಕಾಲೇಜಿನಲ್ಲಿ ವಿದ್ಯಾರ್ಥಿಗಳು ಪಿಯುಸಿ ಪರೀಕ್ಷೆ ಬರೆಯುತ್ತಿರುವುದು.
OWNED, EDITOR, PUBLISHER & PRINTER : D.Shashidhar, Suddi Sanje, Daily Evening, Siddarth Nagar, Convent Hospital Road, Opp. Taluk Office, Double Road, CHAMARAJANAGAR.
PRINTED AT SRI VEERABHADRESHWARA OFFSET PRINTERS, Siddarth Nagar, Convent Hospital Road, Opp. Taluk Office, Double Road, CHAMARAJANAGAR
